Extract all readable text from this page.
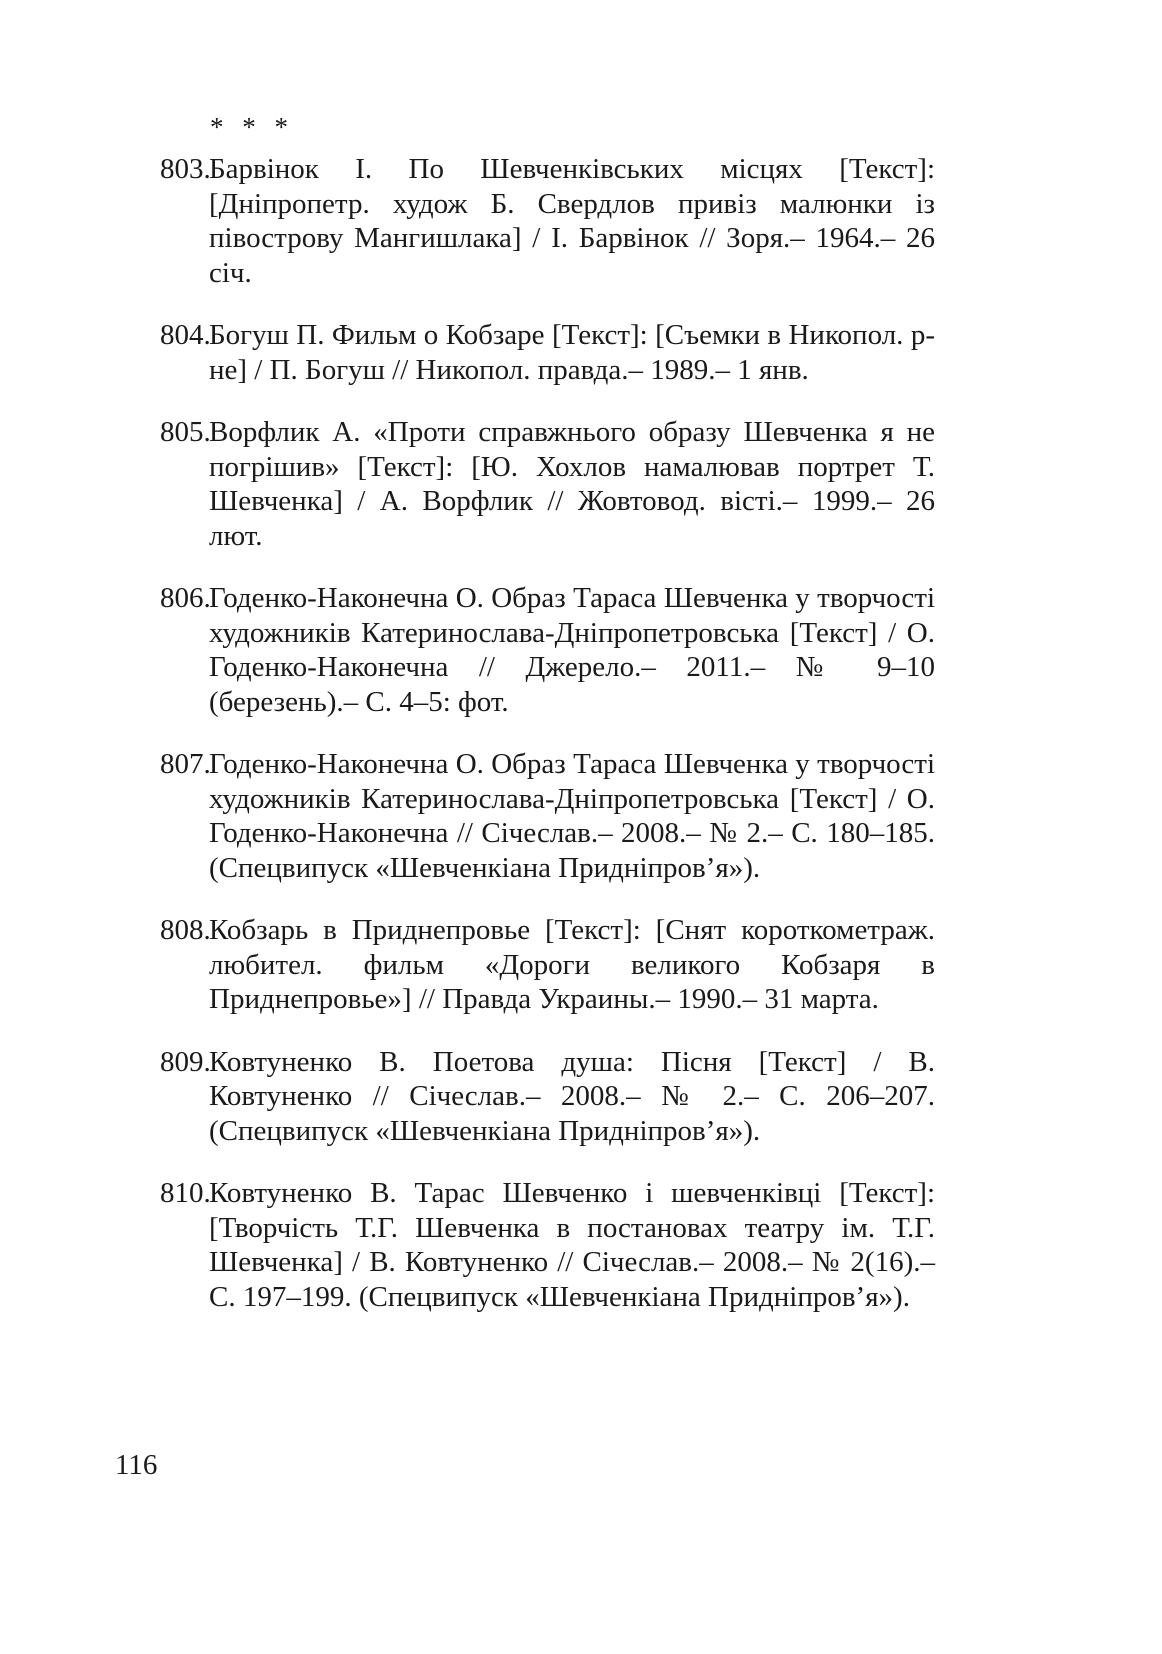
* * *
803.
Барвінок І. По Шевченківських місцях [Текст]: [Дніпропетр. худож Б. Свердлов привіз малюнки із півострову Мангишлака] / І. Барвінок // Зоря.– 1964.– 26 січ.
804.
Богуш П. Фильм о Кобзаре [Текст]: [Съемки в Никопол. р-не] / П. Богуш // Никопол. правда.– 1989.– 1 янв.
805.
Ворфлик А. «Проти справжнього образу Шевченка я не погрішив» [Текст]: [Ю. Хохлов намалював портрет Т. Шевченка] / А. Ворфлик // Жовтовод. вісті.– 1999.– 26 лют.
806.
Годенко-Наконечна О. Образ Тараса Шевченка у творчості художників Катеринослава-Дніпропетровська [Текст] / О. Годенко-Наконечна // Джерело.– 2011.– № 9–10 (березень).– С. 4–5: фот.
807.
Годенко-Наконечна О. Образ Тараса Шевченка у творчості художників Катеринослава-Дніпропетровська [Текст] / О. Годенко-Наконечна // Січеслав.– 2008.– № 2.– С. 180–185. (Спецвипуск «Шевченкіана Придніпров’я»).
808.
Кобзарь в Приднепровье [Текст]: [Снят короткометраж. любител. фильм «Дороги великого Кобзаря в Приднепровье»] // Правда Украины.– 1990.– 31 марта.
809.
Ковтуненко В. Поетова душа: Пісня [Текст] / В. Ковтуненко // Січеслав.– 2008.– № 2.– С. 206–207. (Спецвипуск «Шевченкіана Придніпров’я»).
810.
Ковтуненко В. Тарас Шевченко і шевченківці [Текст]: [Творчість Т.Г. Шевченка в постановах театру ім. Т.Г. Шевченка] / В. Ковтуненко // Січеслав.– 2008.– № 2(16).– С. 197–199. (Спецвипуск «Шевченкіана Придніпров’я»).
116
